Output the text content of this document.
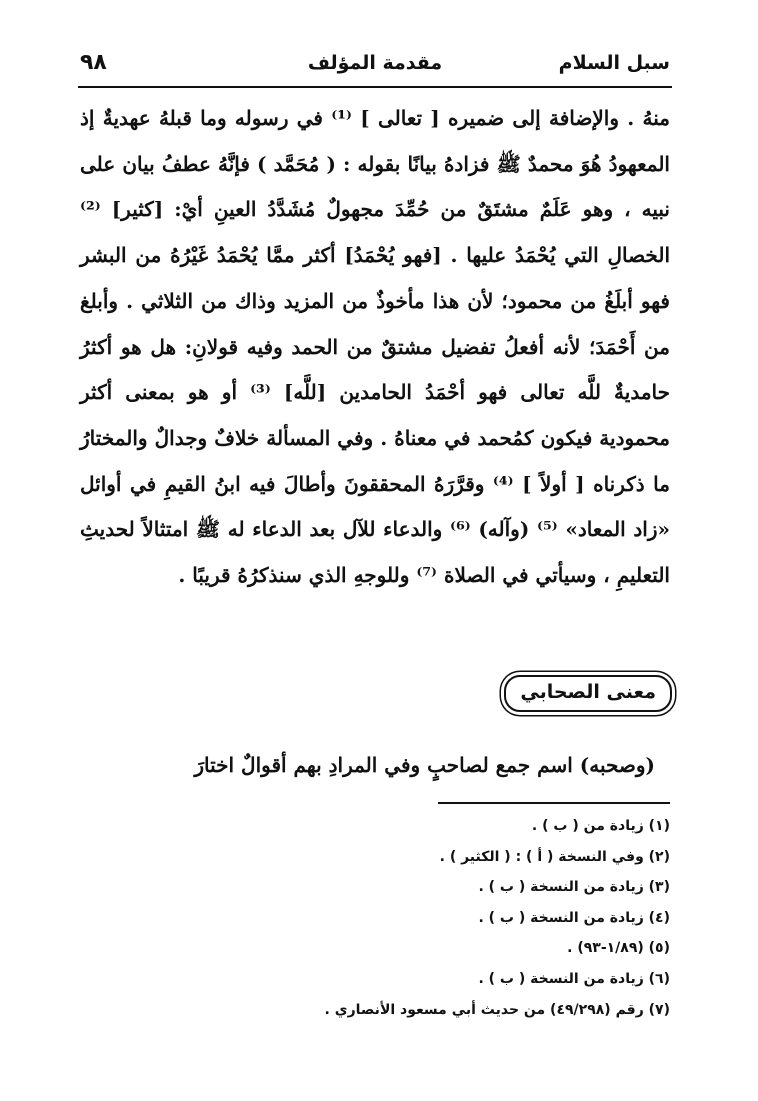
٩٨	مقدمة المؤلف	سبل السلام

منهُ . والإضافة إلى ضميره [ تعالى ] ⁽¹⁾ في رسوله وما قبلهُ عهديةٌ إذ المعهودُ هُوَ محمدٌ ﷺ فزادهُ بيانًا بقوله : ( مُحَمَّد ) فإنَّهُ عطفُ بيان على نبيه ، وهو عَلَمٌ مشتَقٌ من حُمِّدَ مجهولٌ مُشَدَّدُ العينِ أيْ: [كثير] ⁽²⁾ الخصالِ التي يُحْمَدُ عليها . [فهو يُحْمَدُ] أكثر ممَّا يُحْمَدُ غَيْرُهُ من البشر فهو أبلَغُ من محمود؛ لأن هذا مأخوذٌ من المزيد وذاك من الثلاثي . وأبلغ من أَحْمَدَ؛ لأنه أفعلُ تفضيل مشتقٌ من الحمد وفيه قولانِ: هل هو أكثرُ حامديةٌ للَّه تعالى فهو أحْمَدُ الحامدين [للَّه] ⁽³⁾ أو هو بمعنى أكثر محمودية فيكون كمُحمد في معناهُ . وفي المسألة خلافٌ وجدالٌ والمختارُ ما ذكرناه [ أولاً ] ⁽⁴⁾ وقرَّرَهُ المحققونَ وأطالَ فيه ابنُ القيمِ في أوائل «زاد المعاد» ⁽⁵⁾ (وآله) ⁽⁶⁾ والدعاء للآل بعد الدعاء له ﷺ امتثالاً لحديثِ التعليمِ ، وسيأتي في الصلاة ⁽⁷⁾ وللوجهِ الذي سنذكرُهُ قريبًا .

معنى الصحابي
(وصحبه) اسم جمع لصاحبٍ وفي المرادِ بهم أقوالٌ اختارَ
(١) زيادة من ( ب ) .
(٢) وفي النسخة ( أ ) : ( الكثير ) .
(٣) زيادة من النسخة ( ب ) .
(٤) زيادة من النسخة ( ب ) .
(٥) (١/٨٩-٩٣) .
(٦) زيادة من النسخة ( ب ) .
(٧) رقم (٤٩/٢٩٨) من حديث أبي مسعود الأنصاري .
